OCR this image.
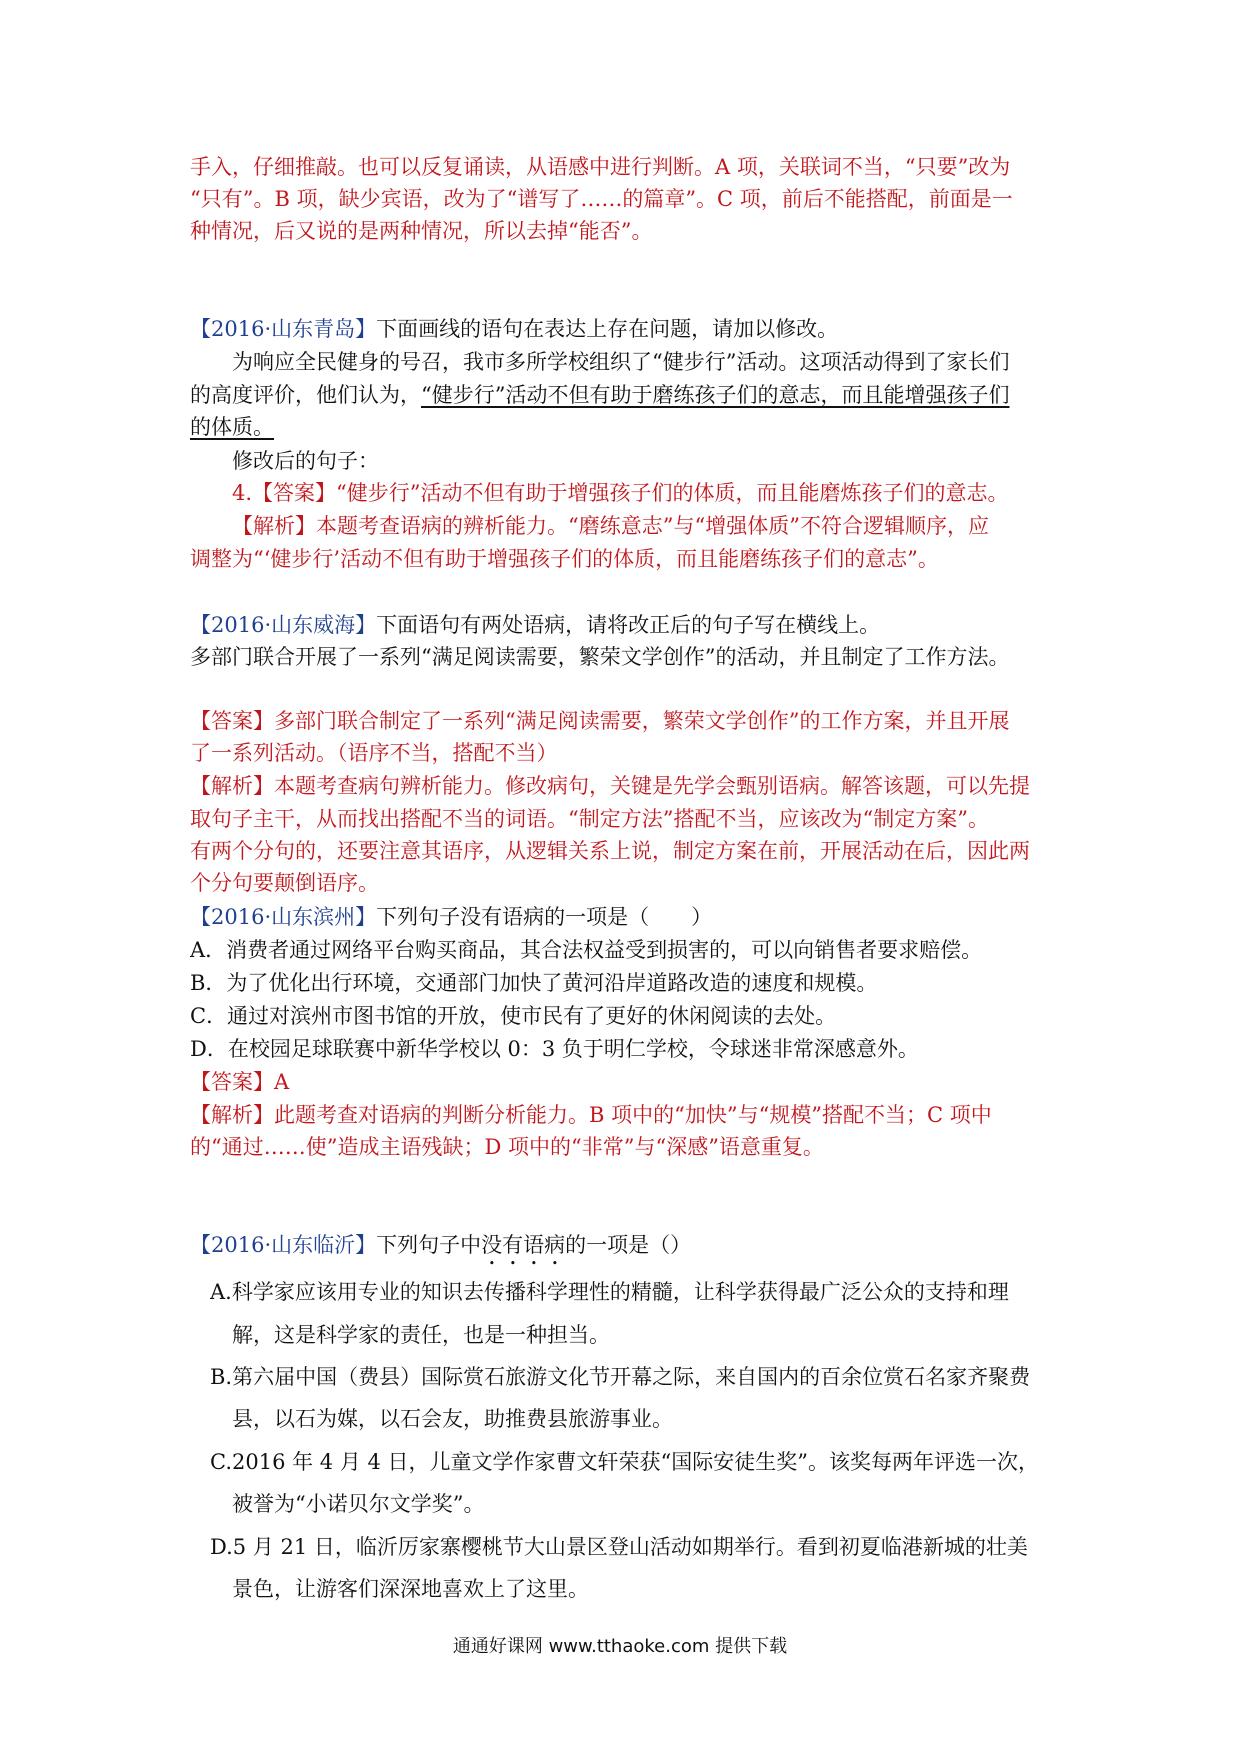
手入，仔细推敲。也可以反复诵读，从语感中进行判断。A 项，关联词不当，“只要”改为
“只有”。B 项，缺少宾语，改为了“谱写了……的篇章”。C 项，前后不能搭配，前面是一
种情况，后又说的是两种情况，所以去掉“能否”。
【2016·山东青岛】下面画线的语句在表达上存在问题，请加以修改。
为响应全民健身的号召，我市多所学校组织了“健步行”活动。这项活动得到了家长们
的高度评价，他们认为，“健步行”活动不但有助于磨练孩子们的意志，而且能增强孩子们
的体质。
修改后的句子：
4.【答案】“健步行”活动不但有助于增强孩子们的体质，而且能磨炼孩子们的意志。
【解析】本题考查语病的辨析能力。“磨练意志”与“增强体质”不符合逻辑顺序，应
调整为“‘健步行’活动不但有助于增强孩子们的体质，而且能磨练孩子们的意志”。
【2016·山东威海】下面语句有两处语病，请将改正后的句子写在横线上。
多部门联合开展了一系列“满足阅读需要，繁荣文学创作”的活动，并且制定了工作方法。
【答案】多部门联合制定了一系列“满足阅读需要，繁荣文学创作”的工作方案，并且开展
了一系列活动。（语序不当，搭配不当）
【解析】本题考查病句辨析能力。修改病句，关键是先学会甄别语病。解答该题，可以先提
取句子主干，从而找出搭配不当的词语。“制定方法”搭配不当，应该改为“制定方案”。
有两个分句的，还要注意其语序，从逻辑关系上说，制定方案在前，开展活动在后，因此两
个分句要颠倒语序。
【2016·山东滨州】下列句子没有语病的一项是（　　）
A．消费者通过网络平台购买商品，其合法权益受到损害的，可以向销售者要求赔偿。
B．为了优化出行环境，交通部门加快了黄河沿岸道路改造的速度和规模。
C．通过对滨州市图书馆的开放，使市民有了更好的休闲阅读的去处。
D．在校园足球联赛中新华学校以 0：3 负于明仁学校，令球迷非常深感意外。
【答案】A
【解析】此题考查对语病的判断分析能力。B 项中的“加快”与“规模”搭配不当；C 项中
的“通过……使”造成主语残缺；D 项中的“非常”与“深感”语意重复。
【2016·山东临沂】下列句子中没有语病的一项是（）
A.科学家应该用专业的知识去传播科学理性的精髓，让科学获得最广泛公众的支持和理
解，这是科学家的责任，也是一种担当。
B.第六届中国（费县）国际赏石旅游文化节开幕之际，来自国内的百余位赏石名家齐聚费
县，以石为媒，以石会友，助推费县旅游事业。
C.2016 年 4 月 4 日，儿童文学作家曹文轩荣获“国际安徒生奖”。该奖每两年评选一次，
被誉为“小诺贝尔文学奖”。
D.5 月 21 日，临沂厉家寨樱桃节大山景区登山活动如期举行。看到初夏临港新城的壮美
景色，让游客们深深地喜欢上了这里。
通通好课网 www.tthaoke.com 提供下载
